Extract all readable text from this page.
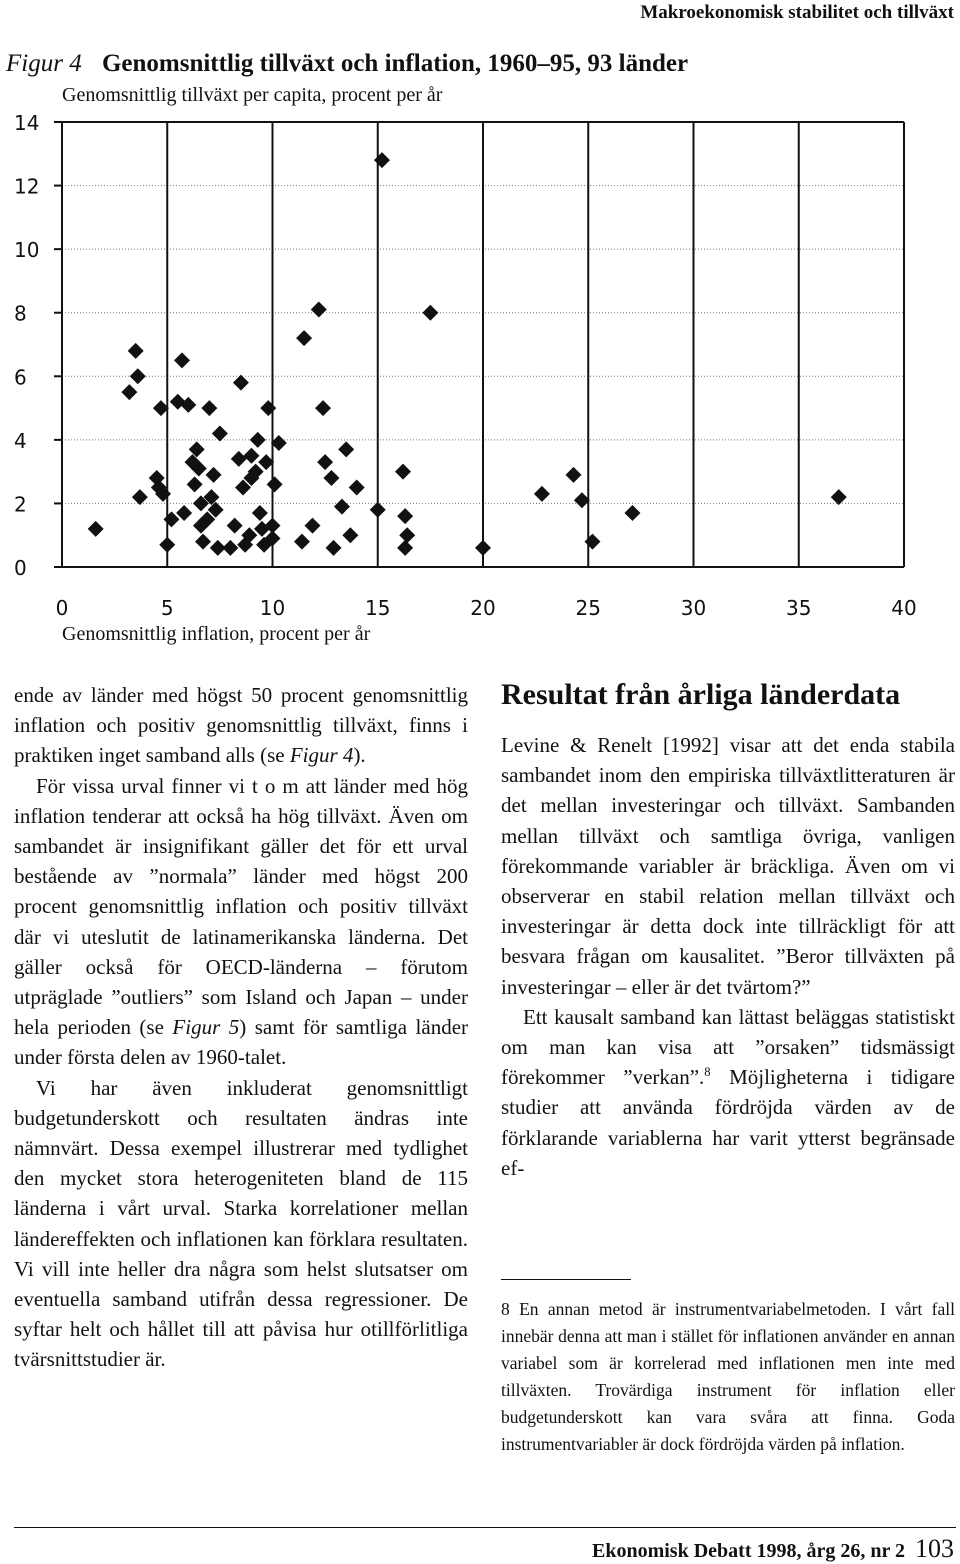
Makroekonomisk stabilitet och tillväxt
Figur 4 Genomsnittlig tillväxt och inflation, 1960–95, 93 länder
Genomsnittlig tillväxt per capita, procent per år
14
12
10
8
6
4
2
0
0	5	10	15	20	25	30	35	40
Genomsnittlig inflation, procent per år

ende av länder med högst 50 procent genomsnittlig inflation och positiv genomsnittlig tillväxt, finns i praktiken inget samband alls (se Figur 4).

För vissa urval finner vi t o m att länder med hög inflation tenderar att också ha hög tillväxt. Även om sambandet är insignifikant gäller det för ett urval bestående av ”normala” länder med högst 200 procent genomsnittlig inflation och positiv tillväxt där vi uteslutit de latinamerikanska länderna. Det gäller också för OECD-länderna – förutom utpräglade ”outliers” som Island och Japan – under hela perioden (se Figur 5) samt för samtliga länder under första delen av 1960-talet.

Vi har även inkluderat genomsnittligt budgetunderskott och resultaten ändras inte nämnvärt. Dessa exempel illustrerar med tydlighet den mycket stora heterogeniteten bland de 115 länderna i vårt urval. Starka korrelationer mellan ländereffekten och inflationen kan förklara resultaten. Vi vill inte heller dra några som helst slutsatser om eventuella samband utifrån dessa regressioner. De syftar helt och hållet till att påvisa hur otillförlitliga tvärsnittstudier är.

Resultat från årliga länderdata

Levine & Renelt [1992] visar att det enda stabila sambandet inom den empiriska tillväxtlitteraturen är det mellan investeringar och tillväxt. Sambanden mellan tillväxt och samtliga övriga, vanligen förekommande variabler är bräckliga. Även om vi observerar en stabil relation mellan tillväxt och investeringar är detta dock inte tillräckligt för att besvara frågan om kausalitet. ”Beror tillväxten på investeringar – eller är det tvärtom?”

Ett kausalt samband kan lättast beläggas statistiskt om man kan visa att ”orsaken” tidsmässigt förekommer ”verkan”.$^8$ Möjligheterna i tidigare studier att använda fördröjda värden av de förklarande variablerna har varit ytterst begränsade ef-

8 En annan metod är instrumentvariabelmetoden. I vårt fall innebär denna att man i stället för inflationen använder en annan variabel som är korrelerad med inflationen men inte med tillväxten. Trovärdiga instrument för inflation eller budgetunderskott kan vara svåra att finna. Goda instrumentvariabler är dock fördröjda värden på inflation.
Ekonomisk Debatt 1998, årg 26, nr 2 103
